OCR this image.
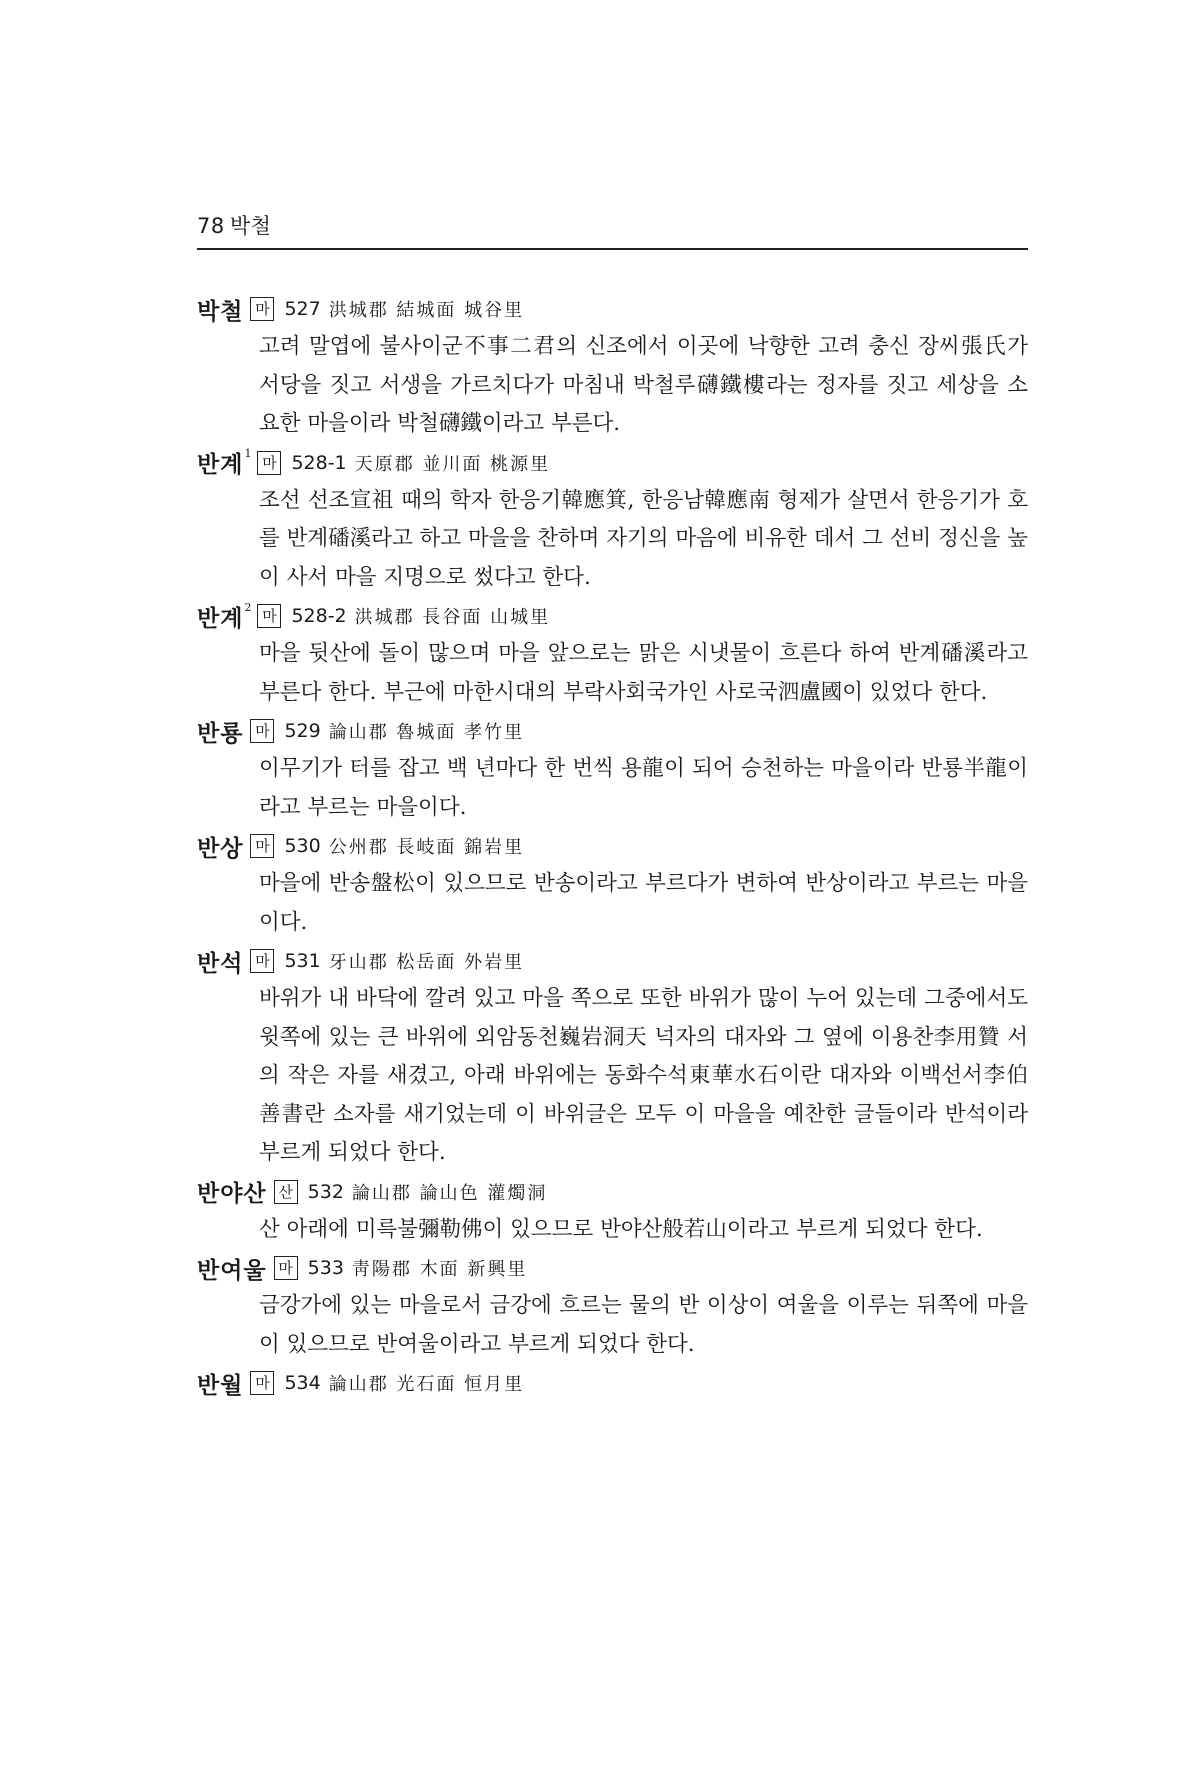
78 박철
박철 마 527 洪城郡 結城面 城谷里

고려 말엽에 불사이군不事二君의 신조에서 이곳에 낙향한 고려 충신 장씨張氏가 서당을 짓고 서생을 가르치다가 마침내 박철루礴鐵樓라는 정자를 짓고 세상을 소요한 마을이라 박철礴鐵이라고 부른다.

반계 1 마 528-1 天原郡 並川面 桃源里

조선 선조宣祖 때의 학자 한응기韓應箕, 한응남韓應南 형제가 살면서 한응기가 호를 반계磻溪라고 하고 마을을 찬하며 자기의 마음에 비유한 데서 그 선비 정신을 높이 사서 마을 지명으로 썼다고 한다.

반계 2 마 528-2 洪城郡 長谷面 山城里

마을 뒷산에 돌이 많으며 마을 앞으로는 맑은 시냇물이 흐른다 하여 반계磻溪라고 부른다 한다. 부근에 마한시대의 부락사회국가인 사로국泗盧國이 있었다 한다.

반룡 마 529 論山郡 魯城面 孝竹里

이무기가 터를 잡고 백 년마다 한 번씩 용龍이 되어 승천하는 마을이라 반룡半龍이라고 부르는 마을이다.

반상 마 530 公州郡 長岐面 錦岩里

마을에 반송盤松이 있으므로 반송이라고 부르다가 변하여 반상이라고 부르는 마을이다.

반석 마 531 牙山郡 松岳面 外岩里

바위가 내 바닥에 깔려 있고 마을 쪽으로 또한 바위가 많이 누어 있는데 그중에서도 윗쪽에 있는 큰 바위에 외암동천巍岩洞天 넉자의 대자와 그 옆에 이용찬李用贊 서의 작은 자를 새겼고, 아래 바위에는 동화수석東華水石이란 대자와 이백선서李伯善書란 소자를 새기었는데 이 바위글은 모두 이 마을을 예찬한 글들이라 반석이라 부르게 되었다 한다.

반야산 산 532 論山郡 論山色 灌燭洞

산 아래에 미륵불彌勒佛이 있으므로 반야산般若山이라고 부르게 되었다 한다.

반여울 마 533 靑陽郡 木面 新興里

금강가에 있는 마을로서 금강에 흐르는 물의 반 이상이 여울을 이루는 뒤쪽에 마을이 있으므로 반여울이라고 부르게 되었다 한다.

반월 마 534 論山郡 光石面 恒月里
